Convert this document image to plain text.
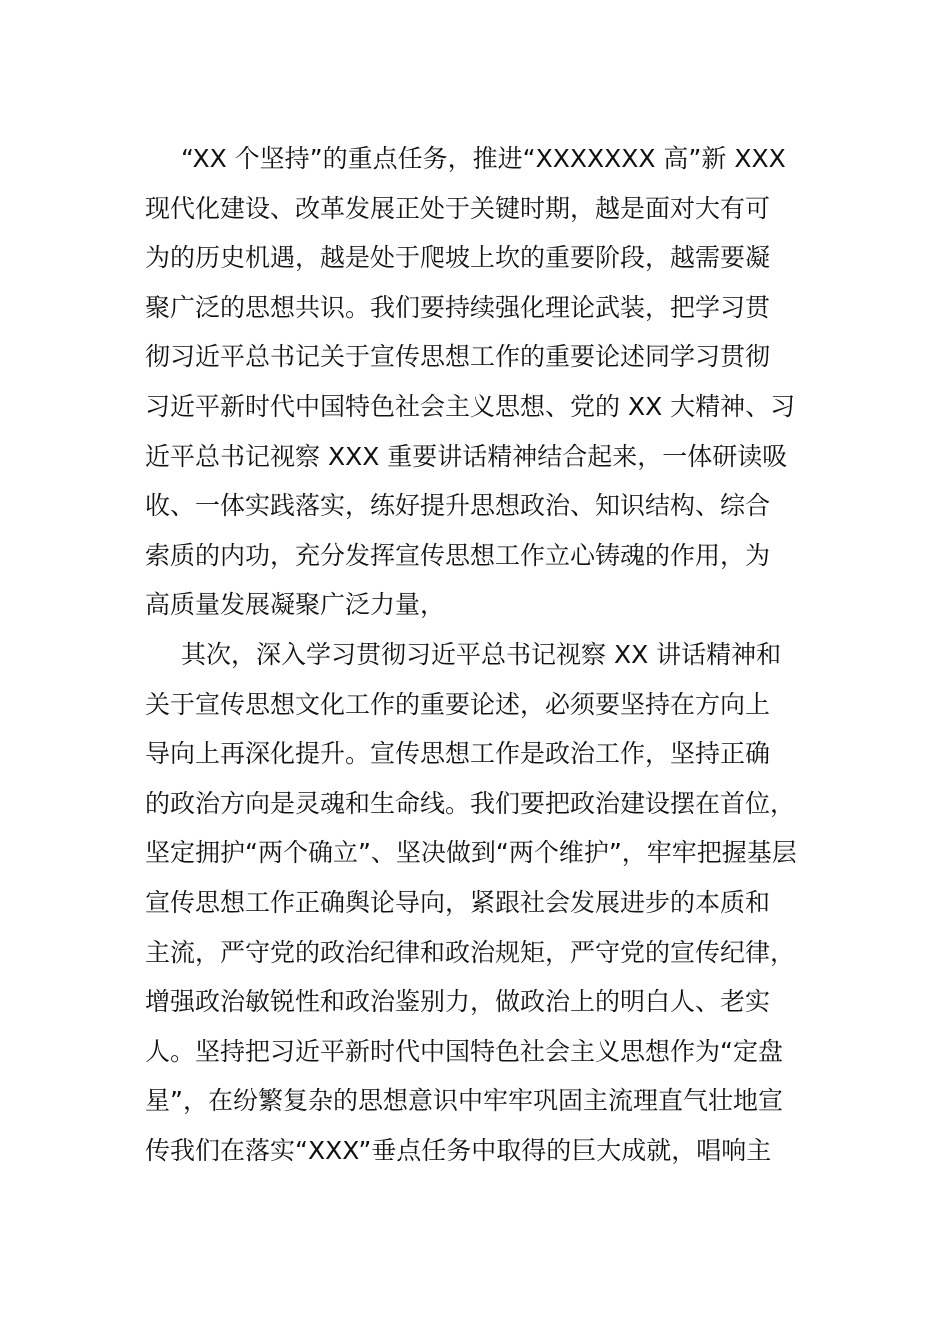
“XX 个坚持”的重点任务，推进“XXXXXXX 高”新 XXX
现代化建设、改革发展正处于关键时期，越是面对大有可
为的历史机遇，越是处于爬坡上坎的重要阶段，越需要凝
聚广泛的思想共识。我们要持续强化理论武装，把学习贯
彻习近平总书记关于宣传思想工作的重要论述同学习贯彻
习近平新时代中国特色社会主义思想、党的 XX 大精神、习
近平总书记视察 XXX 重要讲话精神结合起来，一体研读吸
收、一体实践落实，练好提升思想政治、知识结构、综合
索质的内功，充分发挥宣传思想工作立心铸魂的作用，为
高质量发展凝聚广泛力量，
其次，深入学习贯彻习近平总书记视察 XX 讲话精神和
关于宣传思想文化工作的重要论述，必须要坚持在方向上
导向上再深化提升。宣传思想工作是政治工作，坚持正确
的政治方向是灵魂和生命线。我们要把政治建设摆在首位，
坚定拥护“两个确立”、坚决做到“两个维护”，牢牢把握基层
宣传思想工作正确舆论导向，紧跟社会发展进步的本质和
主流，严守党的政治纪律和政治规矩，严守党的宣传纪律，
增强政治敏锐性和政治鉴别力，做政治上的明白人、老实
人。坚持把习近平新时代中国特色社会主义思想作为“定盘
星”，在纷繁复杂的思想意识中牢牢巩固主流理直气壮地宣
传我们在落实“XXX”垂点任务中取得的巨大成就，唱响主
